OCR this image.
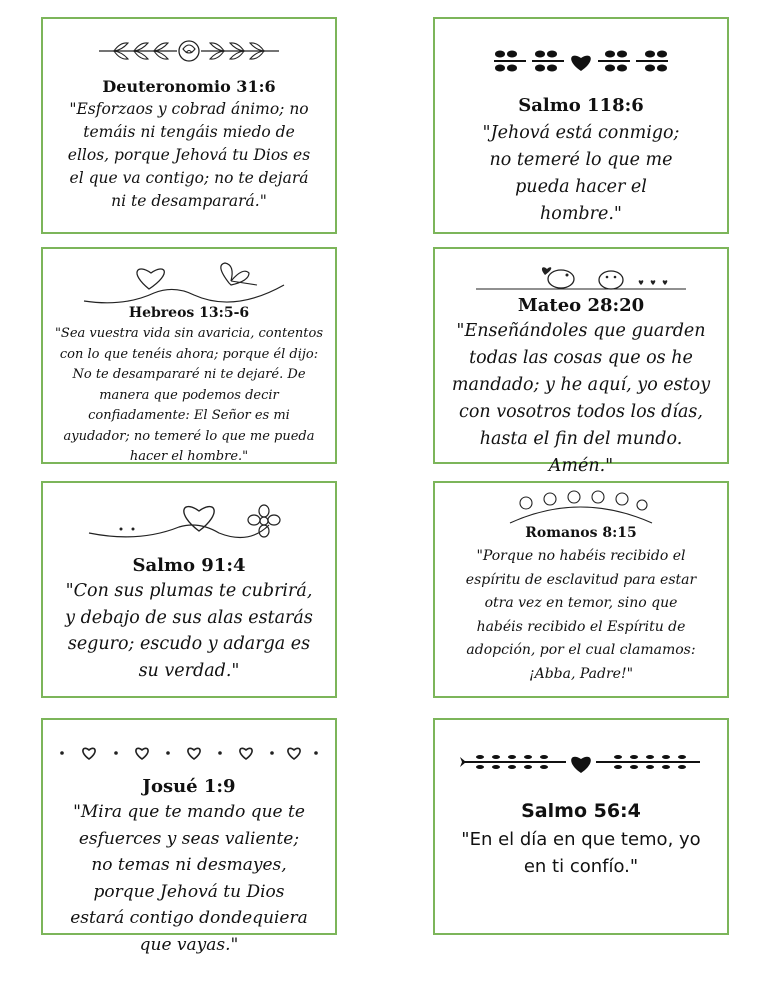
Deuteronomio 31:6
"Esforzaos y cobrad ánimo; no temáis ni tengáis miedo de ellos, porque Jehová tu Dios es el que va contigo; no te dejará ni te desamparará."
Salmo 118:6
"Jehová está conmigo; no temeré lo que me pueda hacer el hombre."
Hebreos 13:5-6
"Sea vuestra vida sin avaricia, contentos con lo que tenéis ahora; porque él dijo: No te desampararé ni te dejaré. De manera que podemos decir confiadamente: El Señor es mi ayudador; no temeré lo que me pueda hacer el hombre."
Mateo 28:20
"Enseñándoles que guarden todas las cosas que os he mandado; y he aquí, yo estoy con vosotros todos los días, hasta el fin del mundo. Amén."
Salmo 91:4
"Con sus plumas te cubrirá, y debajo de sus alas estarás seguro; escudo y adarga es su verdad."
Romanos 8:15
"Porque no habéis recibido el espíritu de esclavitud para estar otra vez en temor, sino que habéis recibido el Espíritu de adopción, por el cual clamamos: ¡Abba, Padre!"
Josué 1:9
"Mira que te mando que te esfuerces y seas valiente; no temas ni desmayes, porque Jehová tu Dios estará contigo dondequiera que vayas."
Salmo 56:4
"En el día en que temo, yo en ti confío."
